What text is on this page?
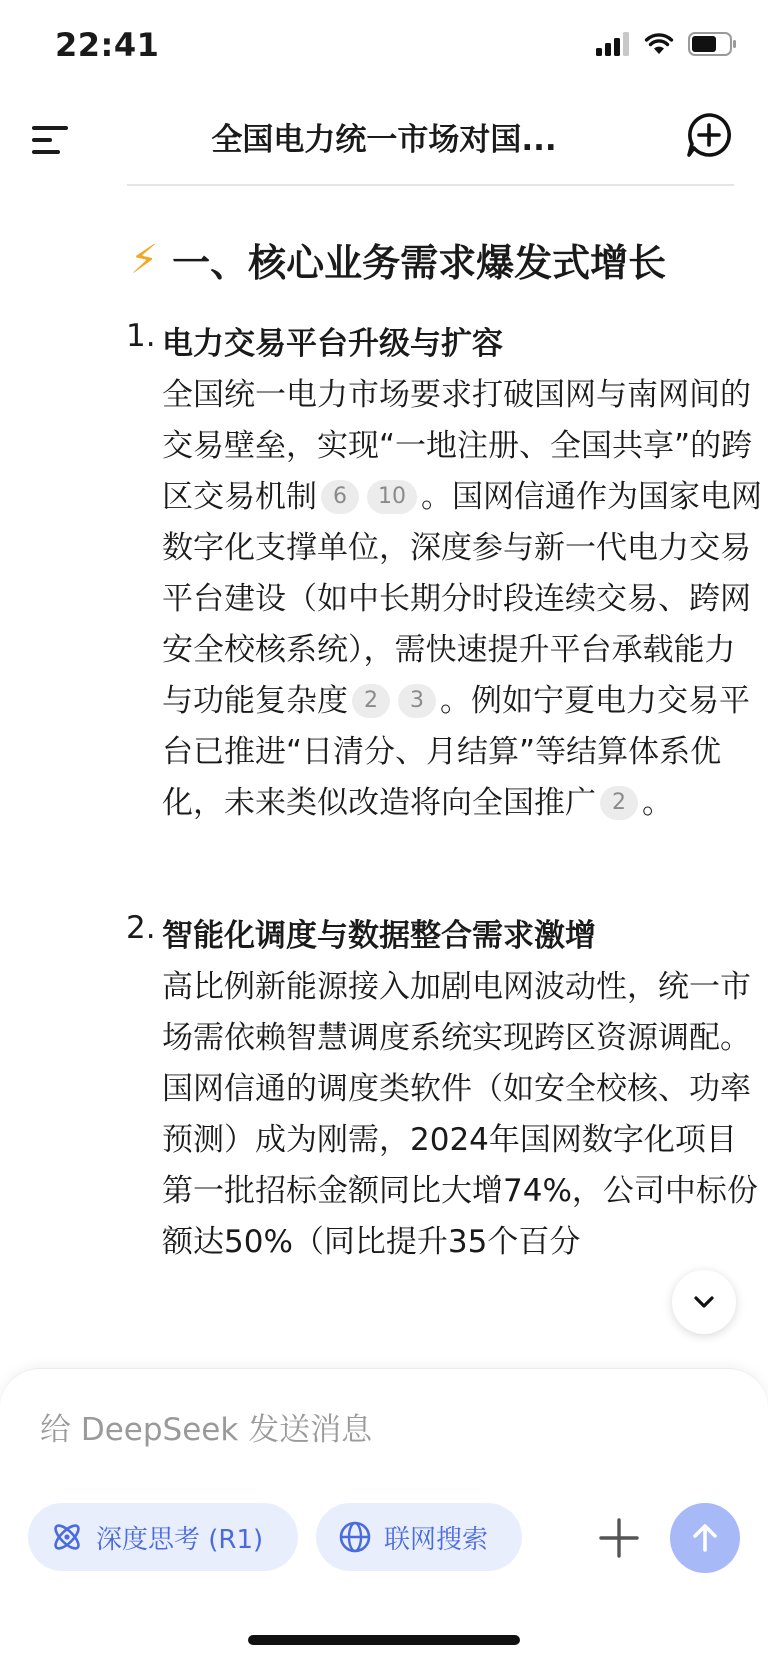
22:41
全国电力统一市场对国...
⚡ 一、核心业务需求爆发式增长
1. 电力交易平台升级与扩容
全国统一电力市场要求打破国网与南网间的交易壁垒，实现“一地注册、全国共享”的跨区交易机制 6 10 。国网信通作为国家电网数字化支撑单位，深度参与新一代电力交易平台建设（如中长期分时段连续交易、跨网安全校核系统），需快速提升平台承载能力与功能复杂度 2 3 。例如宁夏电力交易平台已推进“日清分、月结算”等结算体系优化，未来类似改造将向全国推广 2 。
2. 智能化调度与数据整合需求激增
高比例新能源接入加剧电网波动性，统一市场需依赖智慧调度系统实现跨区资源调配。国网信通的调度类软件（如安全校核、功率预测）成为刚需，2024年国网数字化项目第一批招标金额同比大增74%，公司中标份额达50%（同比提升35个百分
给 DeepSeek 发送消息
深度思考 (R1)	联网搜索
